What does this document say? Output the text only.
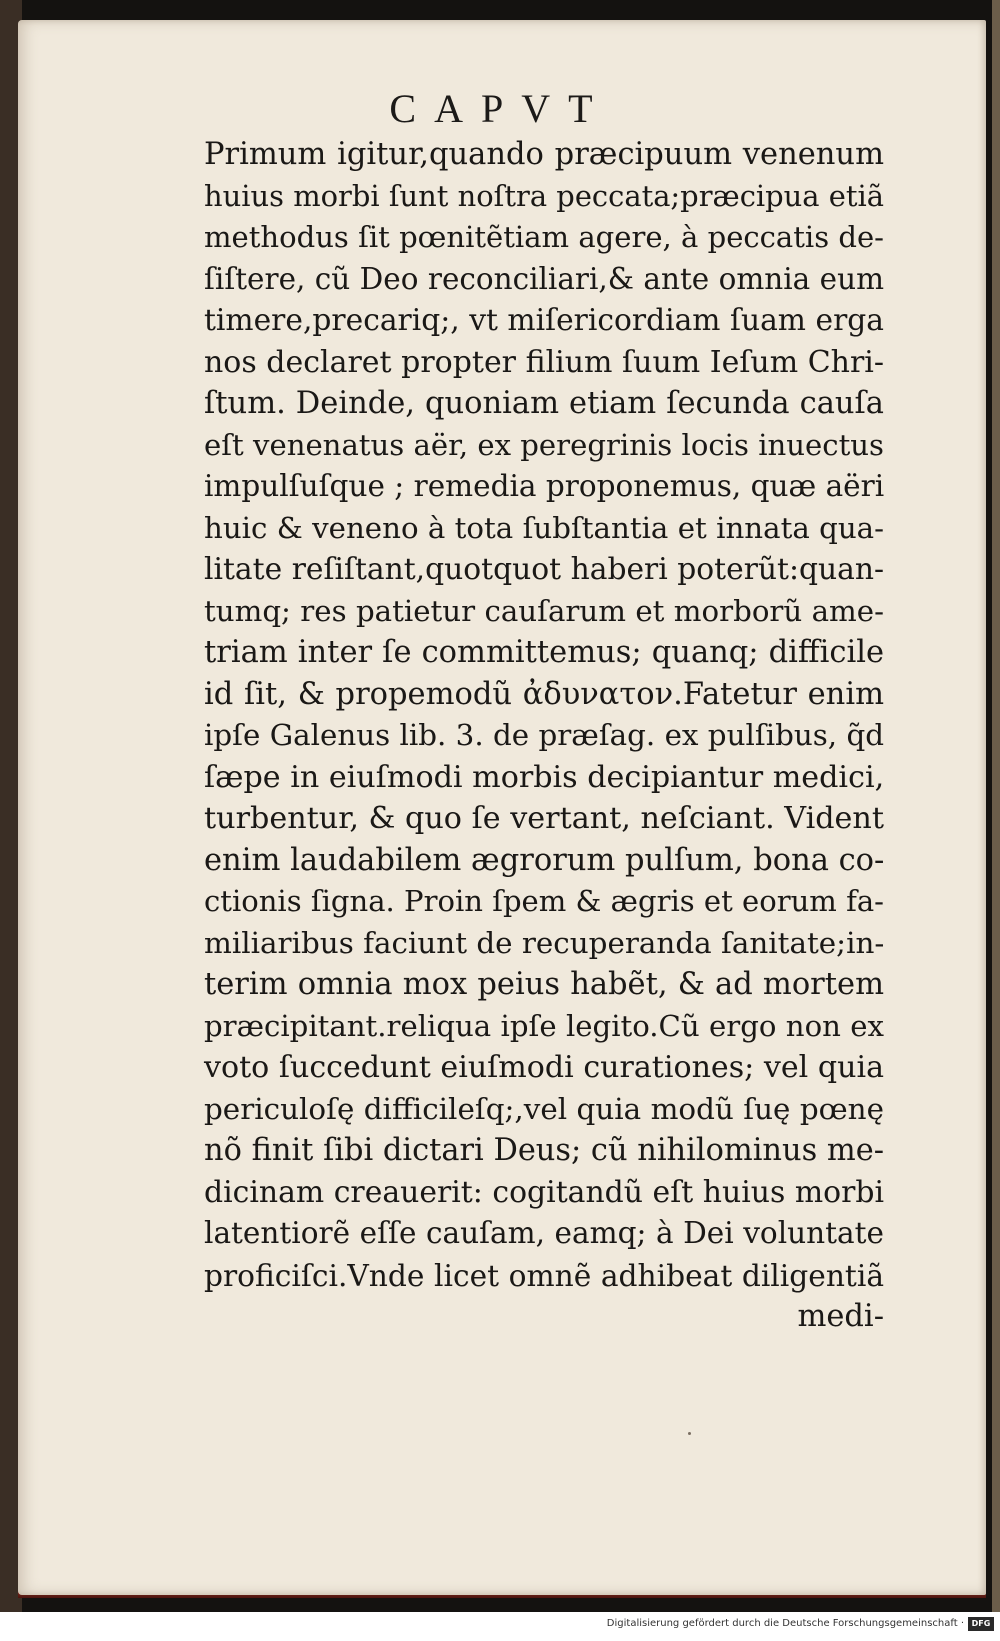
CAPVT
Primum igitur,quando præcipuum venenum
huius morbi ſunt noſtra peccata;præcipua etiã
methodus ſit pœnitẽtiam agere, à peccatis de-
ſiſtere, cũ Deo reconciliari,& ante omnia eum
timere,precariq;, vt miſericordiam ſuam erga
nos declaret propter filium ſuum Ieſum Chri-
ſtum. Deinde, quoniam etiam ſecunda cauſa
eſt venenatus aër, ex peregrinis locis inuectus
impulſuſque ; remedia proponemus, quæ aëri
huic & veneno à tota ſubſtantia et innata qua-
litate reſiſtant,quotquot haberi poterũt:quan-
tumq; res patietur cauſarum et morborũ ame-
triam inter ſe committemus; quanq; difficile
id ſit, & propemodũ ἀδυνατον.Fatetur enim
ipſe Galenus lib. 3. de præſag. ex pulſibus, q̃d
ſæpe in eiuſmodi morbis decipiantur medici,
turbentur, & quo ſe vertant, neſciant. Vident
enim laudabilem ægrorum pulſum, bona co-
ctionis ſigna. Proin ſpem & ægris et eorum fa-
miliaribus faciunt de recuperanda ſanitate;in-
terim omnia mox peius habẽt, & ad mortem
præcipitant.reliqua ipſe legito.Cũ ergo non ex
voto ſuccedunt eiuſmodi curationes; vel quia
periculoſę difficileſq;,vel quia modũ ſuę pœnę
nõ finit ſibi dictari Deus; cũ nihilominus me-
dicinam creauerit: cogitandũ eſt huius morbi
latentiorẽ eſſe cauſam, eamq; à Dei voluntate
proficiſci.Vnde licet omnẽ adhibeat diligentiã
medi-
Digitalisierung gefördert durch die Deutsche Forschungsgemeinschaft · DFG
